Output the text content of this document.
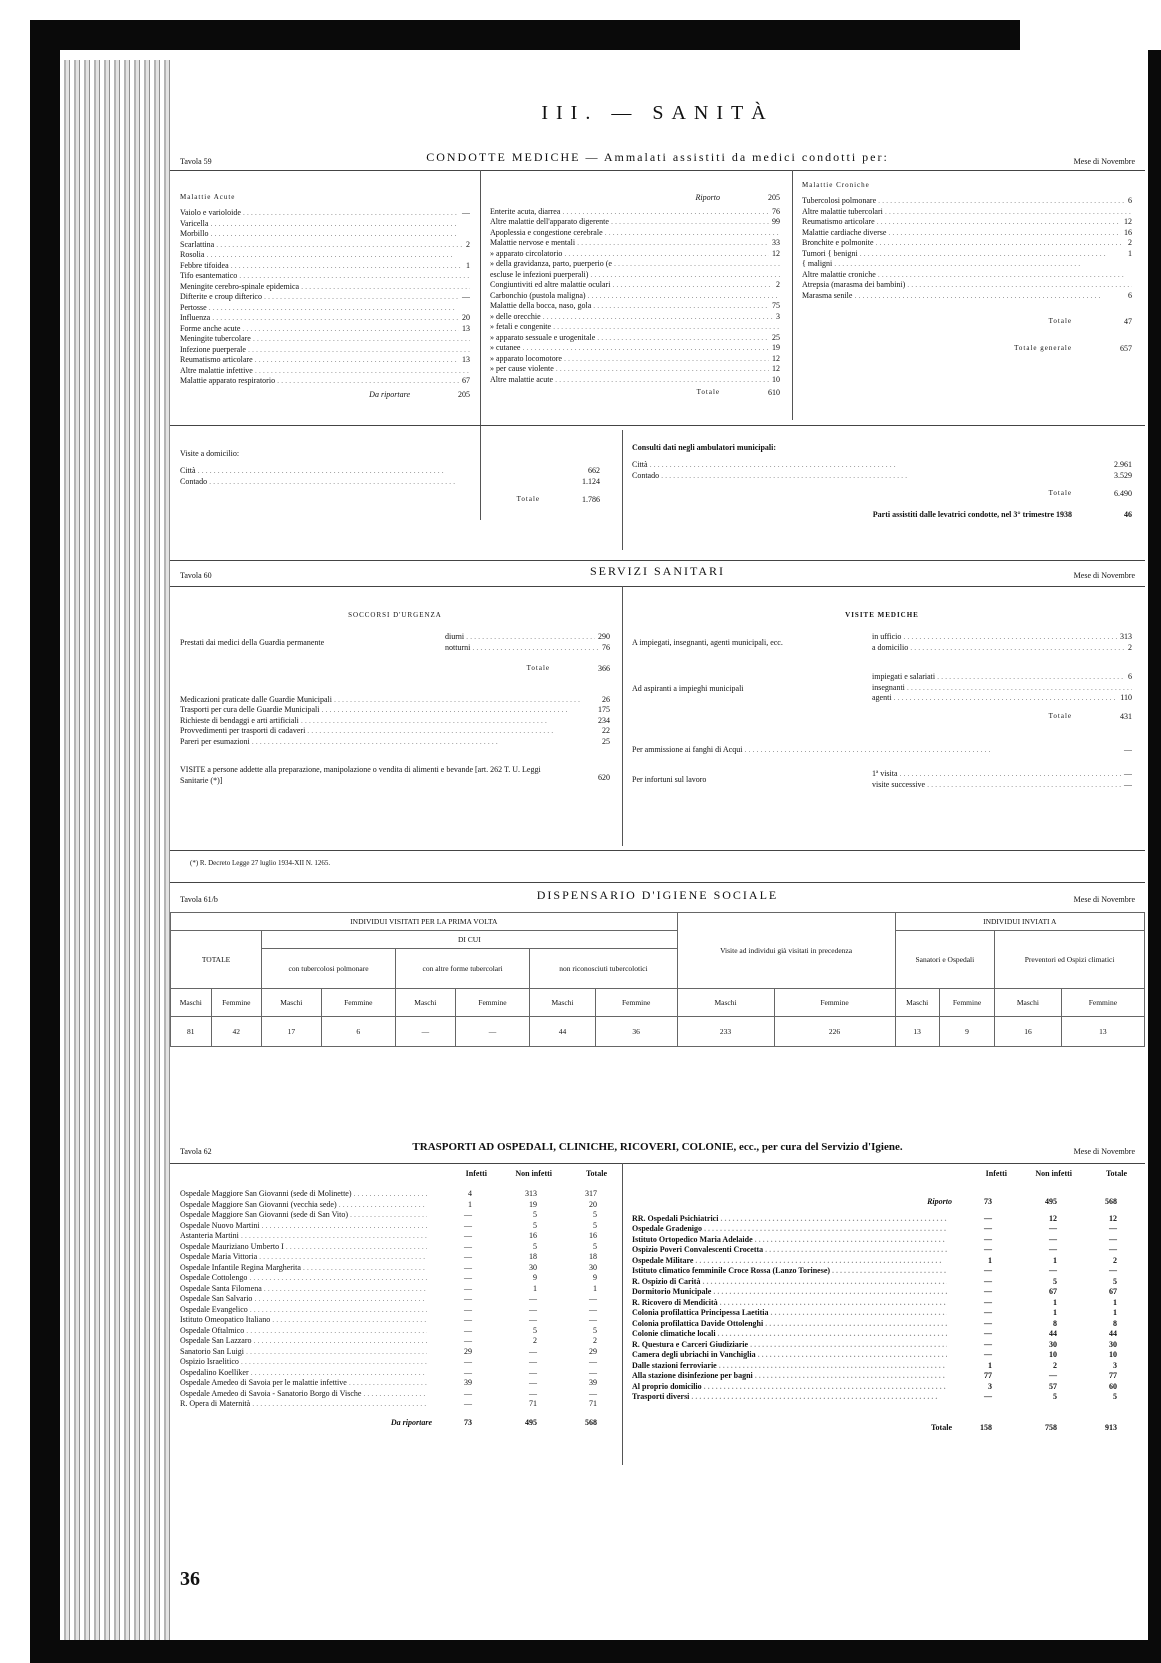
III. — SANITÀ
Tavola 59	CONDOTTE MEDICHE — Ammalati assistiti da medici condotti per:	Mese di Novembre
Malattie Acute
Vaiolo e varioloide . . .	—
Varicella . . .
Morbillo . . .
Scarlattina . . .	2
Rosolia . . .
Febbre tifoidea . . .	1
Tifo esantematico . . .
Meningite cerebro-spinale epidemica . . .
Difterite e croup difterico . . .	—
Pertosse . . .
Influenza . . .	20
Forme anche acute . . .	13
Meningite tubercolare . . .
Infezione puerperale . . .
Reumatismo articolare . . .	13
Altre malattie infettive . . .
Malattie apparato respiratorio . . .	67
Da riportare	205
Riporto	205
Enterite acuta, diarrea . . .	76
Altre malattie dell'apparato digerente . . .	99
Apoplessia e congestione cerebrale . . .
Malattie nervose e mentali . . .	33
» apparato circolatorio . . .	12
» della gravidanza, parto, puerperio (e . . .
escluse le infezioni puerperali) . . .
Congiuntiviti ed altre malattie oculari . . .	2
Carbonchio (pustola maligna) . . .
Malattie della bocca, naso, gola . . .	75
» delle orecchie . . .	3
» fetali e congenite . . .
» apparato sessuale e urogenitale . . .	25
» cutanee . . .	19
» apparato locomotore . . .	12
» per cause violente . . .	12
Altre malattie acute . . .	10
Totale	610
Malattie Croniche
Tubercolosi polmonare . . .	6
Altre malattie tubercolari . . .
Reumatismo articolare . . .	12
Malattie cardiache diverse . . .	16
Bronchite e polmonite . . .	2
Tumori { benigni . . .	1
{ maligni . . .
Altre malattie croniche . . .
Atrepsia (marasma dei bambini) . . .
Marasma senile . . .	6
Totale	47
Totale generale	657
Visite a domicilio:
Città . . .	662
Contado . . .	1.124
Totale	1.786
Consulti dati negli ambulatori municipali:
Città . . .	2.961
Contado . . .	3.529
Totale	6.490
Parti assistiti dalle levatrici condotte, nel 3° trimestre 1938	46
Tavola 60	SERVIZI SANITARI	Mese di Novembre
SOCCORSI D'URGENZA
Prestati dai medici della Guardia permanente
diurni . . .	290
notturni . . .	76
Totale	366
Medicazioni praticate dalle Guardie Municipali . . .	26
Trasporti per cura delle Guardie Municipali . . .	175
Richieste di bendaggi e arti artificiali . . .	234
Provvedimenti per trasporti di cadaveri . . .	22
Pareri per esumazioni . . .	25
VISITE a persone addette alla preparazione, manipolazione o vendita di alimenti e bevande [art. 262 T. U. Leggi Sanitarie (*)]	620
VISITE MEDICHE
A impiegati, insegnanti, agenti municipali, ecc.
in ufficio . . .	313
a domicilio . . .	2
Ad aspiranti a impieghi municipali
impiegati e salariati . . .	6
insegnanti . . .
agenti . . .	110
Totale	431
Per ammissione ai fanghi di Acqui . . .	—
Per infortuni sul lavoro
1ª visita . . .	—
visite successive . . .	—
(*) R. Decreto Legge 27 luglio 1934-XII N. 1265.
Tavola 61/b	DISPENSARIO D'IGIENE SOCIALE	Mese di Novembre
INDIVIDUI VISITATI PER LA PRIMA VOLTA								Visite ad individui già visitati in precedenza		INDIVIDUI INVIATI A			
TOTALE		DI CUI								Sanatori e Ospedali		Preventori ed Ospizi climatici	
		con tubercolosi polmonare		con altre forme tubercolari		non riconosciuti tubercolotici							
Maschi	Femmine	Maschi	Femmine	Maschi	Femmine	Maschi	Femmine	Maschi	Femmine	Maschi	Femmine	Maschi	Femmine
81	42	17	6	—	—	44	36	233	226	13	9	16	13
Tavola 62	TRASPORTI AD OSPEDALI, CLINICHE, RICOVERI, COLONIE, ecc., per cura del Servizio d'Igiene.	Mese di Novembre
Infetti	Non infetti	Totale
Ospedale Maggiore San Giovanni (sede di Molinette) . . .	4	313	317
Ospedale Maggiore San Giovanni (vecchia sede) . . .	1	19	20
Ospedale Maggiore San Giovanni (sede di San Vito) . . .	—	5	5
Ospedale Nuovo Martini . . .	—	5	5
Astanteria Martini . . .	—	16	16
Ospedale Mauriziano Umberto I . . .	—	5	5
Ospedale Maria Vittoria . . .	—	18	18
Ospedale Infantile Regina Margherita . . .	—	30	30
Ospedale Cottolengo . . .	—	9	9
Ospedale Santa Filomena . . .	—	1	1
Ospedale San Salvario . . .	—	—	—
Ospedale Evangelico . . .	—	—	—
Istituto Omeopatico Italiano . . .	—	—	—
Ospedale Oftalmico . . .	—	5	5
Ospedale San Lazzaro . . .	—	2	2
Sanatorio San Luigi . . .	29	—	29
Ospizio Israelitico . . .	—	—	—
Ospedalino Koelliker . . .	—	—	—
Ospedale Amedeo di Savoia per le malattie infettive . . .	39	—	39
Ospedale Amedeo di Savoia - Sanatorio Borgo di Vische . . .	—	—	—
R. Opera di Maternità . . .	—	71	71
Da riportare	73	495	568
Infetti	Non infetti	Totale
Riporto	73	495	568
RR. Ospedali Psichiatrici . . .	—	12	12
Ospedale Gradenigo . . .	—	—	—
Istituto Ortopedico Maria Adelaide . . .	—	—	—
Ospizio Poveri Convalescenti Crocetta . . .	—	—	—
Ospedale Militare . . .	1	1	2
Istituto climatico femminile Croce Rossa (Lanzo Torinese) . . .	—	—	—
R. Ospizio di Carità . . .	—	5	5
Dormitorio Municipale . . .	—	67	67
R. Ricovero di Mendicità . . .	—	1	1
Colonia profilattica Principessa Laetitia . . .	—	1	1
Colonia profilattica Davide Ottolenghi . . .	—	8	8
Colonie climatiche locali . . .	—	44	44
R. Questura e Carceri Giudiziarie . . .	—	30	30
Camera degli ubriachi in Vanchiglia . . .	—	10	10
Dalle stazioni ferroviarie . . .	1	2	3
Alla stazione disinfezione per bagni . . .	77	—	77
Al proprio domicilio . . .	3	57	60
Trasporti diversi . . .	—	5	5
Totale	158	758	913
36
